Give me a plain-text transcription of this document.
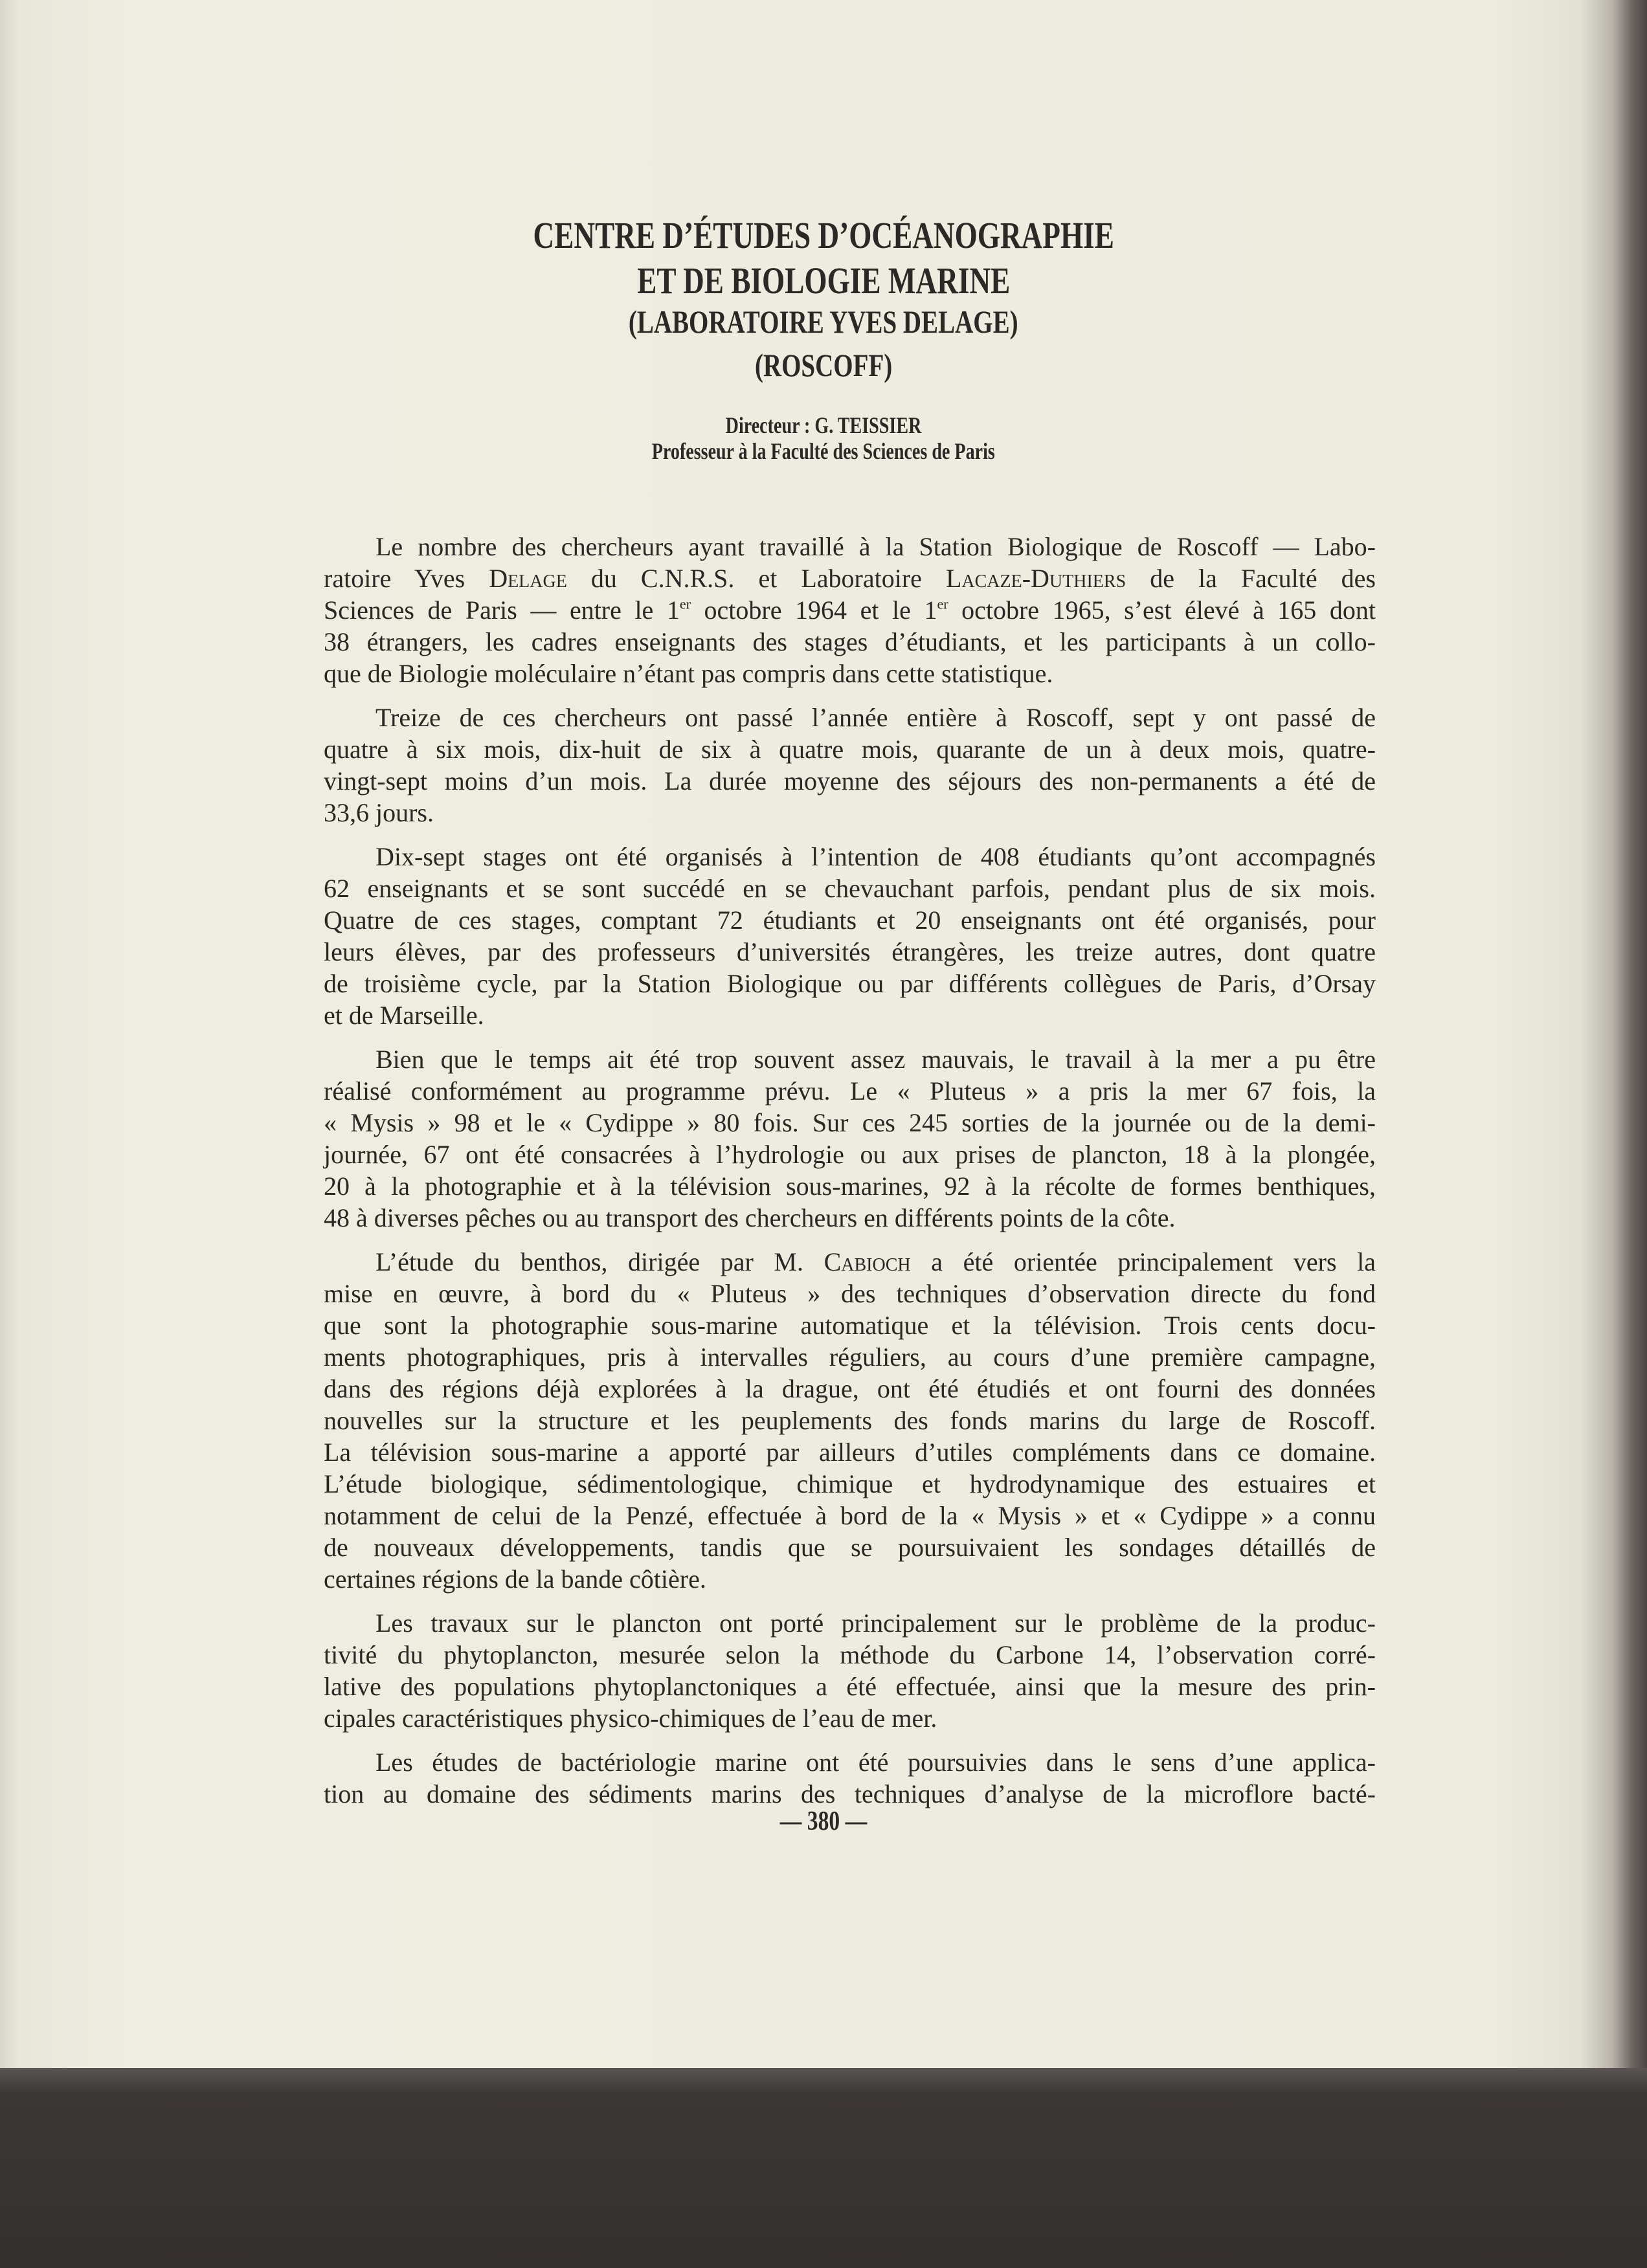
CENTRE D’ÉTUDES D’OCÉANOGRAPHIE
ET DE BIOLOGIE MARINE
(LABORATOIRE YVES DELAGE)
(ROSCOFF)
Directeur : G. TEISSIER
Professeur à la Faculté des Sciences de Paris
Le nombre des chercheurs ayant travaillé à la Station Biologique de Roscoff — Labo-
ratoire Yves Delage du C.N.R.S. et Laboratoire Lacaze-Duthiers de la Faculté des
Sciences de Paris — entre le 1er octobre 1964 et le 1er octobre 1965, s’est élevé à 165 dont
38 étrangers, les cadres enseignants des stages d’étudiants, et les participants à un collo-
que de Biologie moléculaire n’étant pas compris dans cette statistique.
Treize de ces chercheurs ont passé l’année entière à Roscoff, sept y ont passé de
quatre à six mois, dix-huit de six à quatre mois, quarante de un à deux mois, quatre-
vingt-sept moins d’un mois. La durée moyenne des séjours des non-permanents a été de
33,6 jours.
Dix-sept stages ont été organisés à l’intention de 408 étudiants qu’ont accompagnés
62 enseignants et se sont succédé en se chevauchant parfois, pendant plus de six mois.
Quatre de ces stages, comptant 72 étudiants et 20 enseignants ont été organisés, pour
leurs élèves, par des professeurs d’universités étrangères, les treize autres, dont quatre
de troisième cycle, par la Station Biologique ou par différents collègues de Paris, d’Orsay
et de Marseille.
Bien que le temps ait été trop souvent assez mauvais, le travail à la mer a pu être
réalisé conformément au programme prévu. Le « Pluteus » a pris la mer 67 fois, la
« Mysis » 98 et le « Cydippe » 80 fois. Sur ces 245 sorties de la journée ou de la demi-
journée, 67 ont été consacrées à l’hydrologie ou aux prises de plancton, 18 à la plongée,
20 à la photographie et à la télévision sous-marines, 92 à la récolte de formes benthiques,
48 à diverses pêches ou au transport des chercheurs en différents points de la côte.
L’étude du benthos, dirigée par M. Cabioch a été orientée principalement vers la
mise en œuvre, à bord du « Pluteus » des techniques d’observation directe du fond
que sont la photographie sous-marine automatique et la télévision. Trois cents docu-
ments photographiques, pris à intervalles réguliers, au cours d’une première campagne,
dans des régions déjà explorées à la drague, ont été étudiés et ont fourni des données
nouvelles sur la structure et les peuplements des fonds marins du large de Roscoff.
La télévision sous-marine a apporté par ailleurs d’utiles compléments dans ce domaine.
L’étude biologique, sédimentologique, chimique et hydrodynamique des estuaires et
notamment de celui de la Penzé, effectuée à bord de la « Mysis » et « Cydippe » a connu
de nouveaux développements, tandis que se poursuivaient les sondages détaillés de
certaines régions de la bande côtière.
Les travaux sur le plancton ont porté principalement sur le problème de la produc-
tivité du phytoplancton, mesurée selon la méthode du Carbone 14, l’observation corré-
lative des populations phytoplanctoniques a été effectuée, ainsi que la mesure des prin-
cipales caractéristiques physico-chimiques de l’eau de mer.
Les études de bactériologie marine ont été poursuivies dans le sens d’une applica-
tion au domaine des sédiments marins des techniques d’analyse de la microflore bacté-
— 380 —
